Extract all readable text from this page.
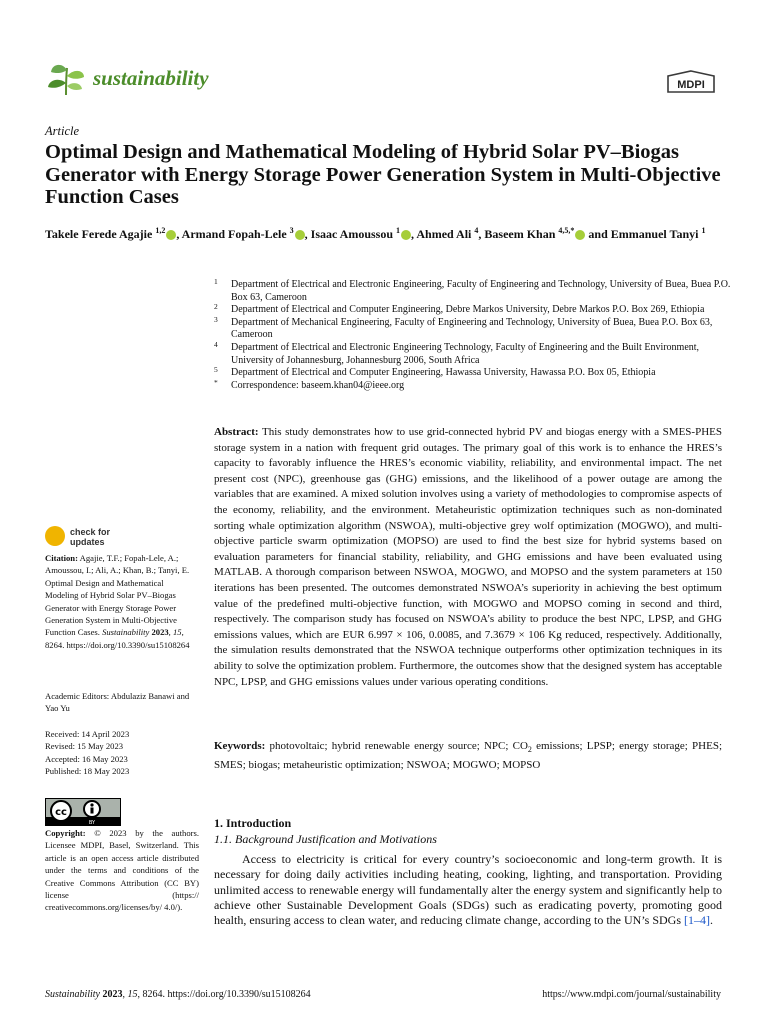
sustainability	MDPI
Article
Optimal Design and Mathematical Modeling of Hybrid Solar PV–Biogas Generator with Energy Storage Power Generation System in Multi-Objective Function Cases
Takele Ferede Agajie $^{1,2}$ , Armand Fopah-Lele $^3$ , Isaac Amoussou $^1$ , Ahmed Ali $^4$, Baseem Khan $^{4,5,*}$ and Emmanuel Tanyi $^1$
1 Department of Electrical and Electronic Engineering, Faculty of Engineering and Technology, University of Buea, Buea P.O. Box 63, Cameroon
2 Department of Electrical and Computer Engineering, Debre Markos University, Debre Markos P.O. Box 269, Ethiopia
3 Department of Mechanical Engineering, Faculty of Engineering and Technology, University of Buea, Buea P.O. Box 63, Cameroon
4 Department of Electrical and Electronic Engineering Technology, Faculty of Engineering and the Built Environment, University of Johannesburg, Johannesburg 2006, South Africa
5 Department of Electrical and Computer Engineering, Hawassa University, Hawassa P.O. Box 05, Ethiopia
* Correspondence: baseem.khan04@ieee.org
Abstract: This study demonstrates how to use grid-connected hybrid PV and biogas energy with a SMES-PHES storage system in a nation with frequent grid outages. The primary goal of this work is to enhance the HRES’s capacity to favorably influence the HRES’s economic viability, reliability, and environmental impact. The net present cost (NPC), greenhouse gas (GHG) emissions, and the likelihood of a power outage are among the variables that are examined. A mixed solution involves using a variety of methodologies to compromise aspects of the economy, reliability, and the environment. Metaheuristic optimization techniques such as non-dominated sorting whale optimization algorithm (NSWOA), multi-objective grey wolf optimization (MOGWO), and multi-objective particle swarm optimization (MOPSO) are used to find the best size for hybrid systems based on evaluation parameters for financial stability, reliability, and GHG emissions and have been evaluated using MATLAB. A thorough comparison between NSWOA, MOGWO, and MOPSO and the system parameters at 150 iterations has been presented. The outcomes demonstrated NSWOA’s superiority in achieving the best optimum value of the predefined multi-objective function, with MOGWO and MOPSO coming in second and third, respectively. The comparison study has focused on NSWOA’s ability to produce the best NPC, LPSP, and GHG emissions values, which are EUR 6.997 × 106, 0.0085, and 7.3679 × 106 Kg reduced, respectively. Additionally, the simulation results demonstrated that the NSWOA technique outperforms other optimization techniques in its ability to solve the optimization problem. Furthermore, the outcomes show that the designed system has acceptable NPC, LPSP, and GHG emissions values under various operating conditions.
Keywords: photovoltaic; hybrid renewable energy source; NPC; $CO_2$ emissions; LPSP; energy storage; PHES; SMES; biogas; metaheuristic optimization; NSWOA; MOGWO; MOPSO
check for
updates
Citation: Agajie, T.F.; Fopah-Lele, A.; Amoussou, I.; Ali, A.; Khan, B.; Tanyi, E. Optimal Design and Mathematical Modeling of Hybrid Solar PV–Biogas Generator with Energy Storage Power Generation System in Multi-Objective Function Cases. Sustainability 2023, 15, 8264. https://doi.org/10.3390/su15108264
Academic Editors: Abdulaziz Banawi and Yao Yu
Received: 14 April 2023
Revised: 15 May 2023
Accepted: 16 May 2023
Published: 18 May 2023
cc
BY
Copyright: © 2023 by the authors. Licensee MDPI, Basel, Switzerland. This article is an open access article distributed under the terms and conditions of the Creative Commons Attribution (CC BY) license (https:// creativecommons.org/licenses/by/ 4.0/).
1. Introduction
1.1. Background Justification and Motivations
Access to electricity is critical for every country’s socioeconomic and long-term growth. It is necessary for doing daily activities including heating, cooking, lighting, and transportation. Providing unlimited access to renewable energy will fundamentally alter the energy system and significantly help to achieve other Sustainable Development Goals (SDGs) such as eradicating poverty, promoting good health, ensuring access to clean water, and reducing climate change, according to the UN’s SDGs [1–4].
Sustainability 2023, 15, 8264. https://doi.org/10.3390/su15108264	https://www.mdpi.com/journal/sustainability
